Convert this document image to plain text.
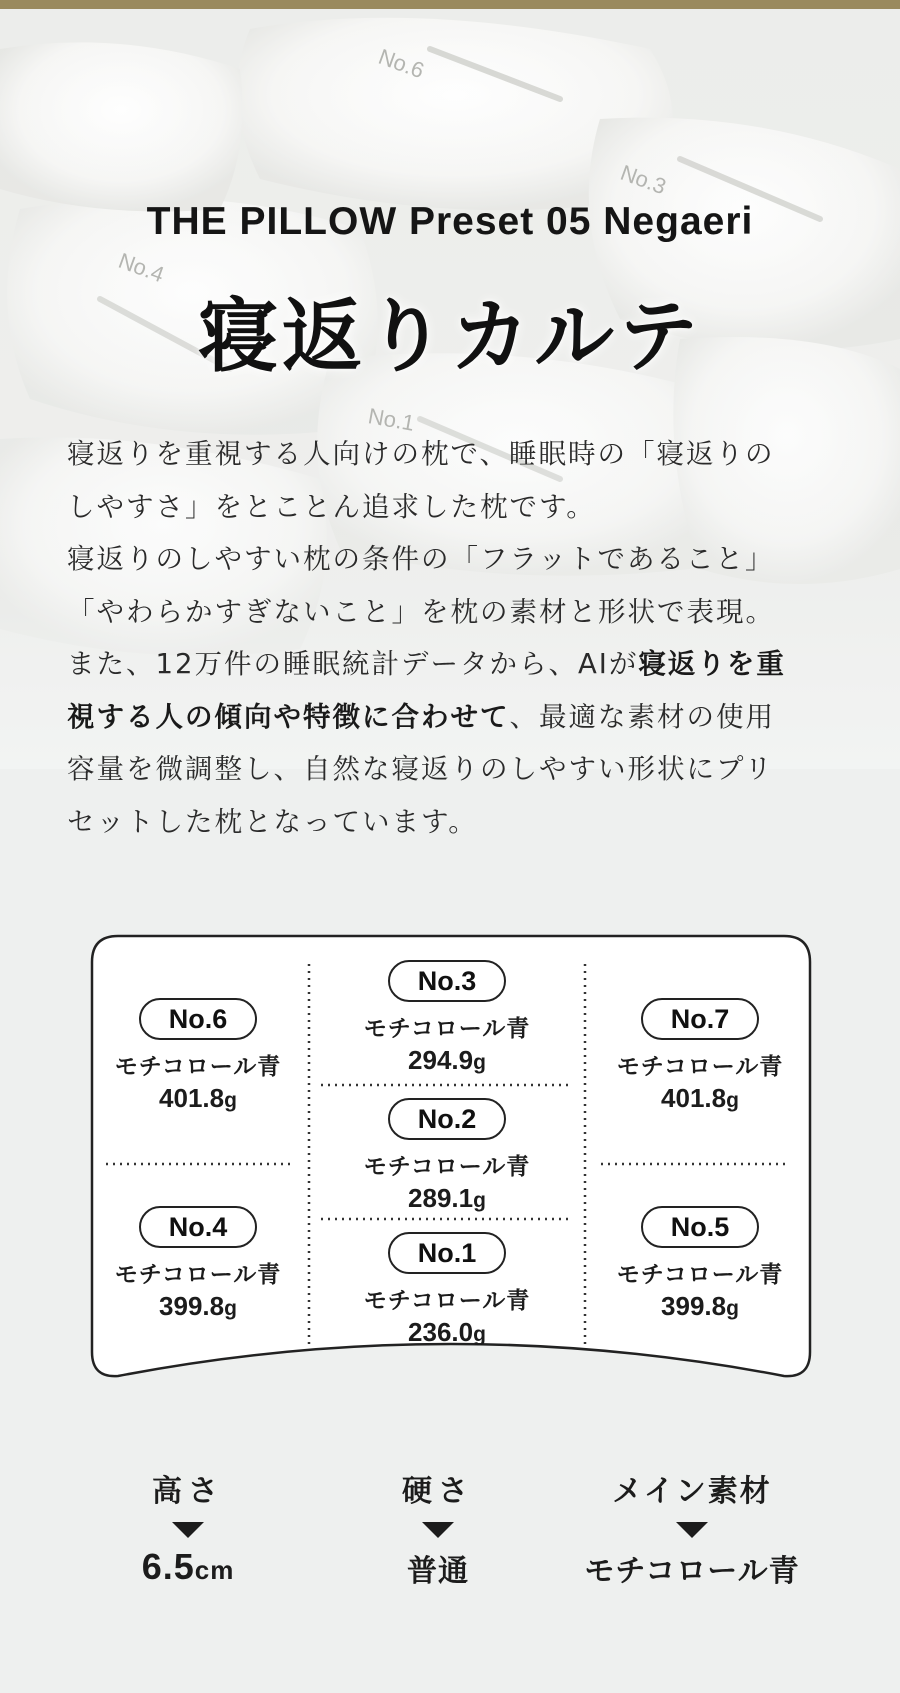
No.6
No.3
No.4
No.1
THE PILLOW Preset 05 Negaeri
寝返りカルテ
寝返りを重視する人向けの枕で、睡眠時の「寝返りの
しやすさ」をとことん追求した枕です。
寝返りのしやすい枕の条件の「フラットであること」
「やわらかすぎないこと」を枕の素材と形状で表現。
また、12万件の睡眠統計データから、AIが寝返りを重
視する人の傾向や特徴に合わせて、最適な素材の使用
容量を微調整し、自然な寝返りのしやすい形状にプリ
セットした枕となっています。
No.6
モチコロール青
401.8g
No.3
モチコロール青
294.9g
No.7
モチコロール青
401.8g
No.2
モチコロール青
289.1g
No.4
モチコロール青
399.8g
No.1
モチコロール青
236.0g
No.5
モチコロール青
399.8g
高さ
6.5cm
硬さ
普通
メイン素材
モチコロール青
